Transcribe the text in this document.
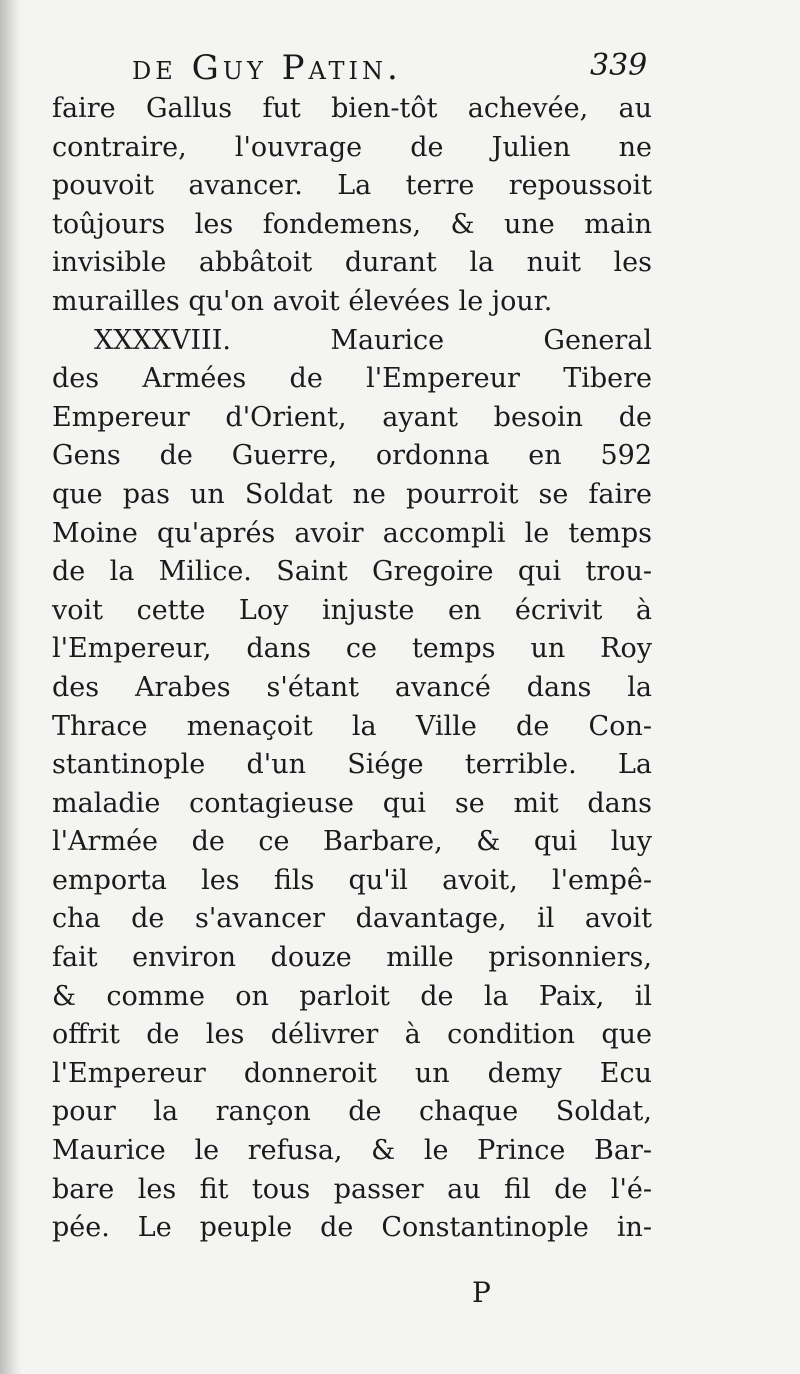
de Guy Patin.	339
faire Gallus fut bien-tôt achevée, au
contraire, l'ouvrage de Julien ne
pouvoit avancer. La terre repoussoit
toûjours les fondemens, & une main
invisible abbâtoit durant la nuit les
murailles qu'on avoit élevées le jour.
XXXXVIII. Maurice General
des Armées de l'Empereur Tibere
Empereur d'Orient, ayant besoin de
Gens de Guerre, ordonna en 592
que pas un Soldat ne pourroit se faire
Moine qu'aprés avoir accompli le temps
de la Milice. Saint Gregoire qui trou-
voit cette Loy injuste en écrivit à
l'Empereur, dans ce temps un Roy
des Arabes s'étant avancé dans la
Thrace menaçoit la Ville de Con-
stantinople d'un Siége terrible. La
maladie contagieuse qui se mit dans
l'Armée de ce Barbare, & qui luy
emporta les fils qu'il avoit, l'empê-
cha de s'avancer davantage, il avoit
fait environ douze mille prisonniers,
& comme on parloit de la Paix, il
offrit de les délivrer à condition que
l'Empereur donneroit un demy Ecu
pour la rançon de chaque Soldat,
Maurice le refusa, & le Prince Bar-
bare les fit tous passer au fil de l'é-
pée. Le peuple de Constantinople in-
P
